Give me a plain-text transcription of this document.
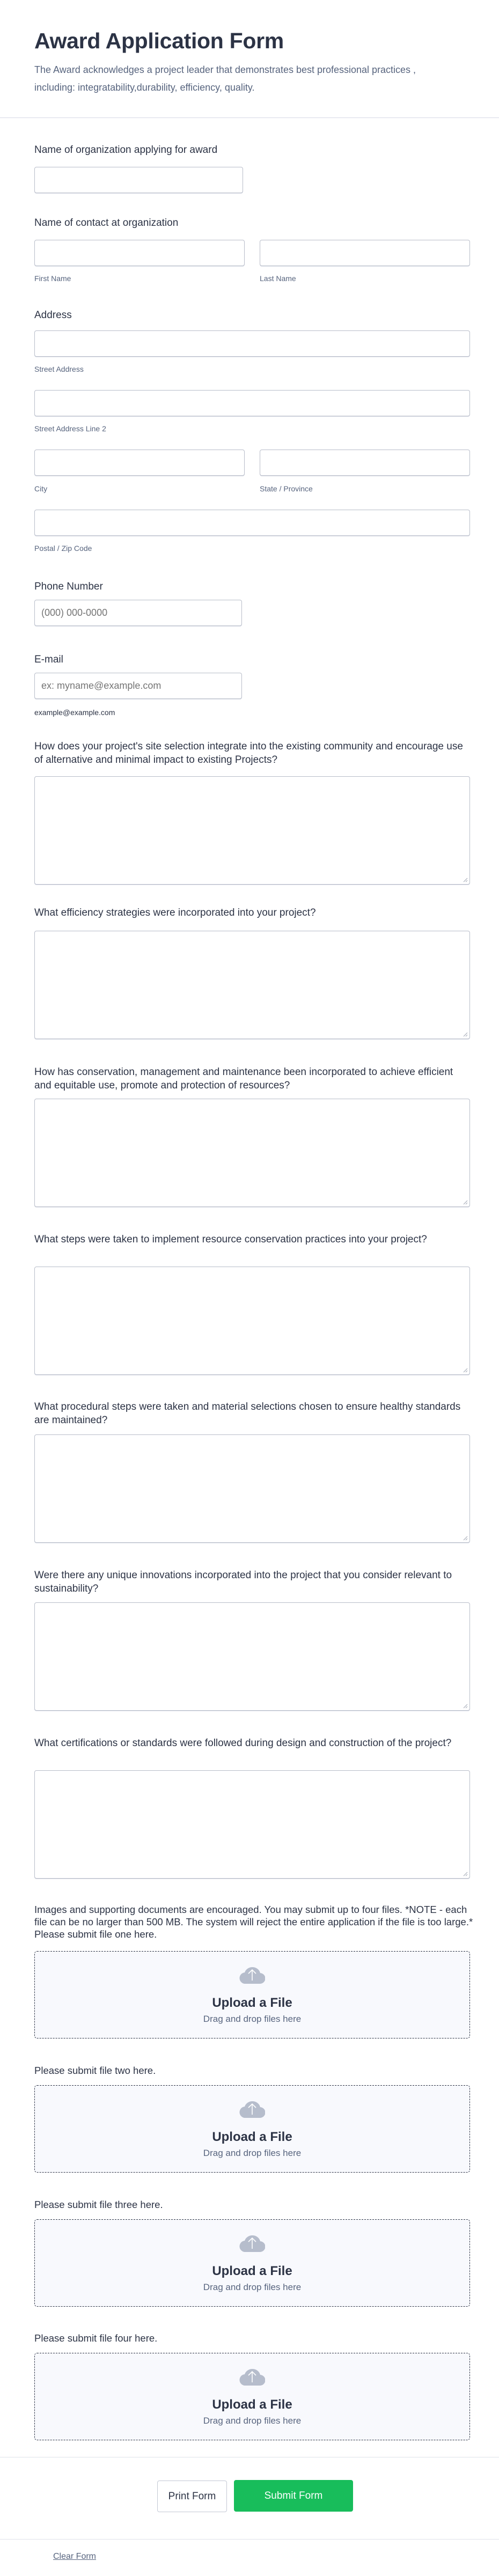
Award Application Form

The Award acknowledges a project leader that demonstrates best professional practices , including: integratability,durability, efficiency, quality.

Name of organization applying for award
Name of contact at organization
First Name	Last Name
Address
Street Address
Street Address Line 2
City	State / Province
Postal / Zip Code
Phone Number
(000) 000-0000
E-mail
ex: myname@example.com
example@example.com
How does your project's site selection integrate into the existing community and encourage use of alternative and minimal impact to existing Projects?
What efficiency strategies were incorporated into your project?
How has conservation, management and maintenance been incorporated to achieve efficient and equitable use, promote and protection of resources?
What steps were taken to implement resource conservation practices into your project?
What procedural steps were taken and material selections chosen to ensure healthy standards are maintained?
Were there any unique innovations incorporated into the project that you consider relevant to sustainability?
What certifications or standards were followed during design and construction of the project?
Images and supporting documents are encouraged. You may submit up to four files. *NOTE - each file can be no larger than 500 MB. The system will reject the entire application if the file is too large.* Please submit file one here.
Upload a File
Drag and drop files here
Please submit file two here.
Upload a File
Drag and drop files here
Please submit file three here.
Upload a File
Drag and drop files here
Please submit file four here.
Upload a File
Drag and drop files here
Print Form	Submit Form
Clear Form
